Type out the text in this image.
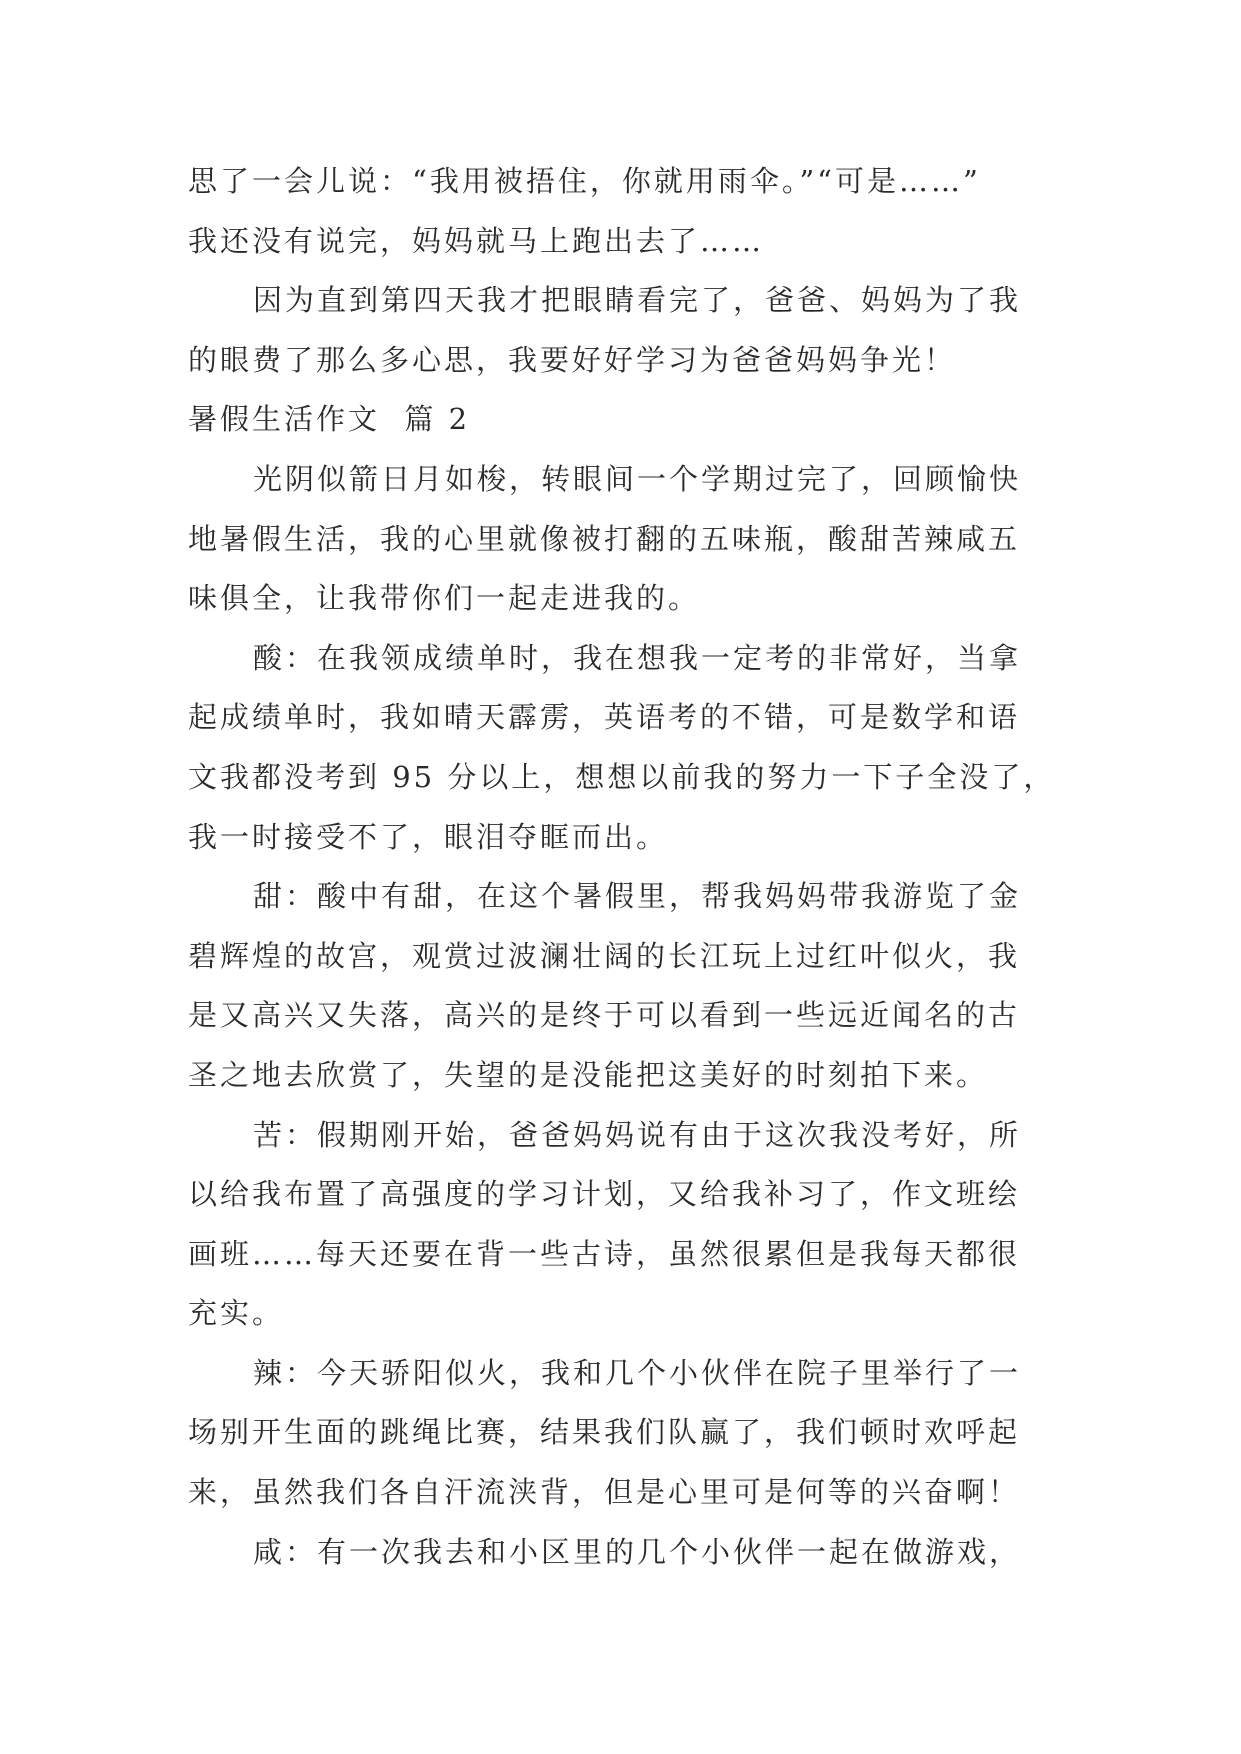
思了一会儿说：“我用被捂住，你就用雨伞。”“可是……”
我还没有说完，妈妈就马上跑出去了……
因为直到第四天我才把眼睛看完了，爸爸、妈妈为了我
的眼费了那么多心思，我要好好学习为爸爸妈妈争光！
暑假生活作文  篇 2
光阴似箭日月如梭，转眼间一个学期过完了，回顾愉快
地暑假生活，我的心里就像被打翻的五味瓶，酸甜苦辣咸五
味俱全，让我带你们一起走进我的。
酸：在我领成绩单时，我在想我一定考的非常好，当拿
起成绩单时，我如晴天霹雳，英语考的不错，可是数学和语
文我都没考到 95 分以上，想想以前我的努力一下子全没了，
我一时接受不了，眼泪夺眶而出。
甜：酸中有甜，在这个暑假里，帮我妈妈带我游览了金
碧辉煌的故宫，观赏过波澜壮阔的长江玩上过红叶似火，我
是又高兴又失落，高兴的是终于可以看到一些远近闻名的古
圣之地去欣赏了，失望的是没能把这美好的时刻拍下来。
苦：假期刚开始，爸爸妈妈说有由于这次我没考好，所
以给我布置了高强度的学习计划，又给我补习了，作文班绘
画班……每天还要在背一些古诗，虽然很累但是我每天都很
充实。
辣：今天骄阳似火，我和几个小伙伴在院子里举行了一
场别开生面的跳绳比赛，结果我们队赢了，我们顿时欢呼起
来，虽然我们各自汗流浃背，但是心里可是何等的兴奋啊！
咸：有一次我去和小区里的几个小伙伴一起在做游戏，
